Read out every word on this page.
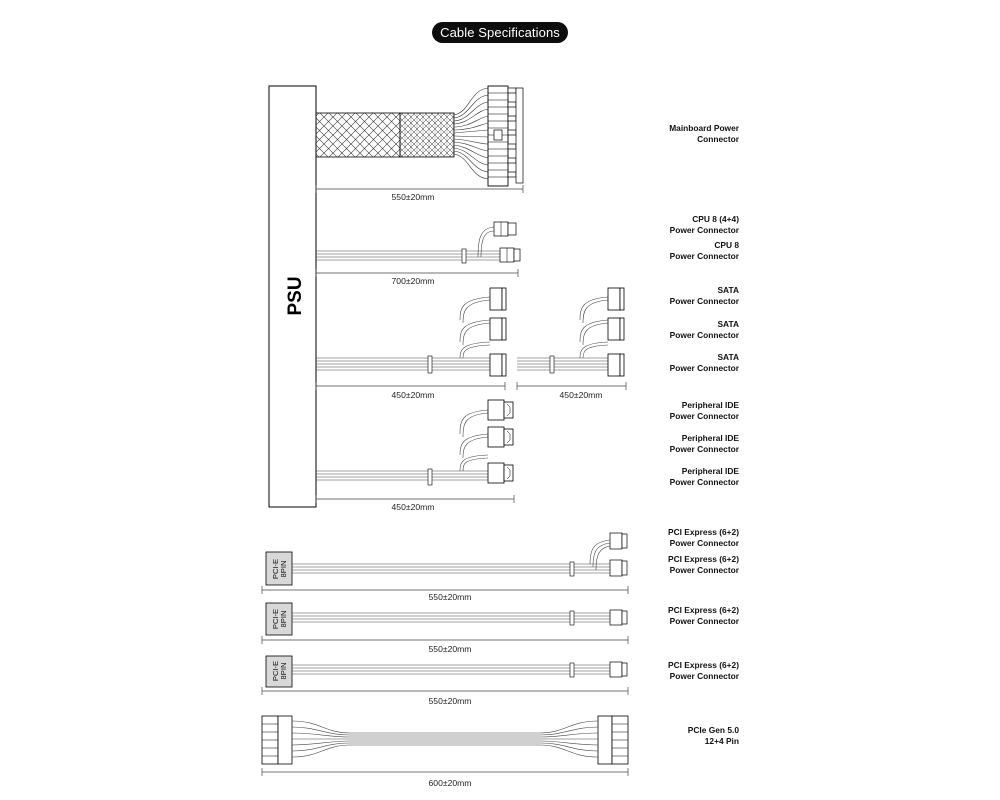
Cable Specifications
PSU
550±20mm
700±20mm
450±20mm	450±20mm
450±20mm
PCI-E 8PIN
550±20mm
PCI-E 8PIN
550±20mm
PCI-E 8PIN
550±20mm
600±20mm
Mainboard Power
Connector
CPU 8 (4+4)
Power Connector
CPU 8
Power Connector
SATA
Power Connector
SATA
Power Connector
SATA
Power Connector
Peripheral IDE
Power Connector
Peripheral IDE
Power Connector
Peripheral IDE
Power Connector
PCI Express (6+2)
Power Connector
PCI Express (6+2)
Power Connector
PCI Express (6+2)
Power Connector
PCI Express (6+2)
Power Connector
PCIe Gen 5.0
12+4 Pin
